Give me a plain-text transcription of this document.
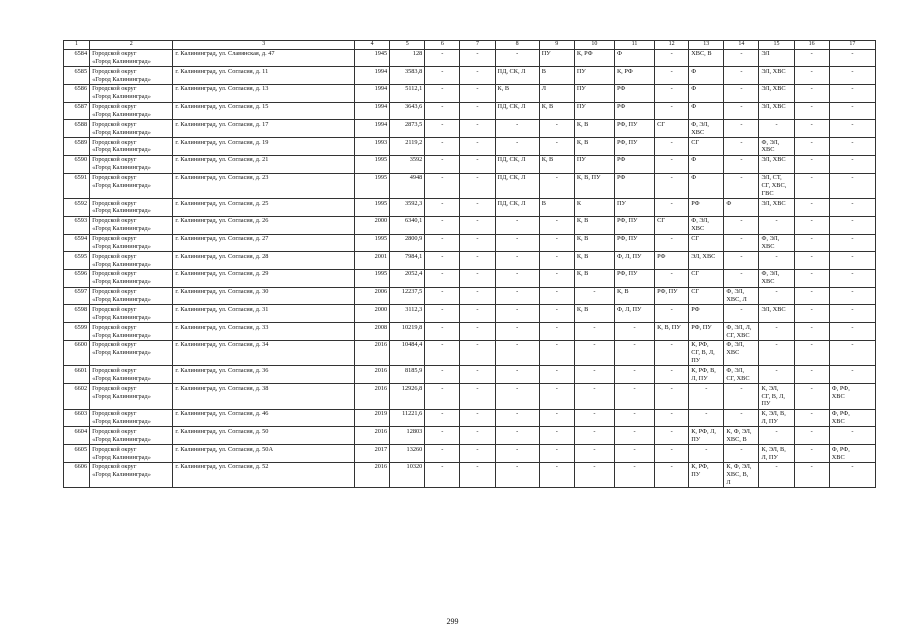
1	2	3	4	5	6	7	8	9	10	11	12	13	14	15	16	17
6584	Городской округ
«Город Калининград»	г. Калининград, ул. Славянская, д. 47	1945	128	-	-	-	ПУ	К, РФ	Ф	-	ХВС, В	-	ЭЛ	-	-
6585	Городской округ
«Город Калининград»	г. Калининград, ул. Согласия, д. 11	1994	3583,8	-	-	ПД, СК, Л	В	ПУ	К, РФ	-	Ф	-	ЭЛ, ХВС	-	-
6586	Городской округ
«Город Калининград»	г. Калининград, ул. Согласия, д. 13	1994	5112,1	-	-	К, В	Л	ПУ	РФ	-	Ф	-	ЭЛ, ХВС	-	-
6587	Городской округ
«Город Калининград»	г. Калининград, ул. Согласия, д. 15	1994	3643,6	-	-	ПД, СК, Л	К, В	ПУ	РФ	-	Ф	-	ЭЛ, ХВС	-	-
6588	Городской округ
«Город Калининград»	г. Калининград, ул. Согласия, д. 17	1994	2873,5	-	-	-	-	К, В	РФ, ПУ	СГ	Ф, ЭЛ,
ХВС	-	-	-	-
6589	Городской округ
«Город Калининград»	г. Калининград, ул. Согласия, д. 19	1993	2119,2	-	-	-	-	К, В	РФ, ПУ	-	СГ	-	Ф, ЭЛ,
ХВС	-	-
6590	Городской округ
«Город Калининград»	г. Калининград, ул. Согласия, д. 21	1995	3592	-	-	ПД, СК, Л	К, В	ПУ	РФ	-	Ф	-	ЭЛ, ХВС	-	-
6591	Городской округ
«Город Калининград»	г. Калининград, ул. Согласия, д. 23	1995	4948	-	-	ПД, СК, Л	-	К, В, ПУ	РФ	-	Ф	-	ЭЛ, СТ,
СГ, ХВС,
ГВС	-	-
6592	Городской округ
«Город Калининград»	г. Калининград, ул. Согласия, д. 25	1995	3592,3	-	-	ПД, СК, Л	В	К	ПУ	-	РФ	Ф	ЭЛ, ХВС	-	-
6593	Городской округ
«Город Калининград»	г. Калининград, ул. Согласия, д. 26	2000	6340,1	-	-	-	-	К, В	РФ, ПУ	СГ	Ф, ЭЛ,
ХВС	-	-	-	-
6594	Городской округ
«Город Калининград»	г. Калининград, ул. Согласия, д. 27	1995	2800,9	-	-	-	-	К, В	РФ, ПУ	-	СГ	-	Ф, ЭЛ,
ХВС	-	-
6595	Городской округ
«Город Калининград»	г. Калининград, ул. Согласия, д. 28	2001	7984,1	-	-	-	-	К, В	Ф, Л, ПУ	РФ	ЭЛ, ХВС	-	-	-	-
6596	Городской округ
«Город Калининград»	г. Калининград, ул. Согласия, д. 29	1995	2052,4	-	-	-	-	К, В	РФ, ПУ	-	СГ	-	Ф, ЭЛ,
ХВС	-	-
6597	Городской округ
«Город Калининград»	г. Калининград, ул. Согласия, д. 30	2006	12237,5	-	-	-	-	-	К, В	РФ, ПУ	СГ	Ф, ЭЛ,
ХВС, Л	-	-	-
6598	Городской округ
«Город Калининград»	г. Калининград, ул. Согласия, д. 31	2000	3112,3	-	-	-	-	К, В	Ф, Л, ПУ	-	РФ	-	ЭЛ, ХВС	-	-
6599	Городской округ
«Город Калининград»	г. Калининград, ул. Согласия, д. 33	2008	10219,8	-	-	-	-	-	-	К, В, ПУ	РФ, ПУ	Ф, ЭЛ, Л,
СГ, ХВС	-	-	-
6600	Городской округ
«Город Калининград»	г. Калининград, ул. Согласия, д. 34	2016	10484,4	-	-	-	-	-	-	-	К, РФ,
СГ, В, Л,
ПУ	Ф, ЭЛ,
ХВС	-	-	-
6601	Городской округ
«Город Калининград»	г. Калининград, ул. Согласия, д. 36	2016	8185,9	-	-	-	-	-	-	-	К, РФ, В,
Л, ПУ	Ф, ЭЛ,
СГ, ХВС	-	-	-
6602	Городской округ
«Город Калининград»	г. Калининград, ул. Согласия, д. 38	2016	12926,8	-	-	-	-	-	-	-	-	-	К, ЭЛ,
СГ, В, Л,
ПУ	-	Ф, РФ,
ХВС
6603	Городской округ
«Город Калининград»	г. Калининград, ул. Согласия, д. 46	2019	11221,6	-	-	-	-	-	-	-	-	-	К, ЭЛ, В,
Л, ПУ	-	Ф, РФ,
ХВС
6604	Городской округ
«Город Калининград»	г. Калининград, ул. Согласия, д. 50	2016	12803	-	-	-	-	-	-	-	К, РФ, Л,
ПУ	К, Ф, ЭЛ,
ХВС, В	-	-	-
6605	Городской округ
«Город Калининград»	г. Калининград, ул. Согласия, д. 50А	2017	13260	-	-	-	-	-	-	-	-	-	К, ЭЛ, В,
Л, ПУ	-	Ф, РФ,
ХВС
6606	Городской округ
«Город Калининград»	г. Калининград, ул. Согласия, д. 52	2016	10320	-	-	-	-	-	-	-	К, РФ,
ПУ	К, Ф, ЭЛ,
ХВС, В,
Л	-	-	-
299
